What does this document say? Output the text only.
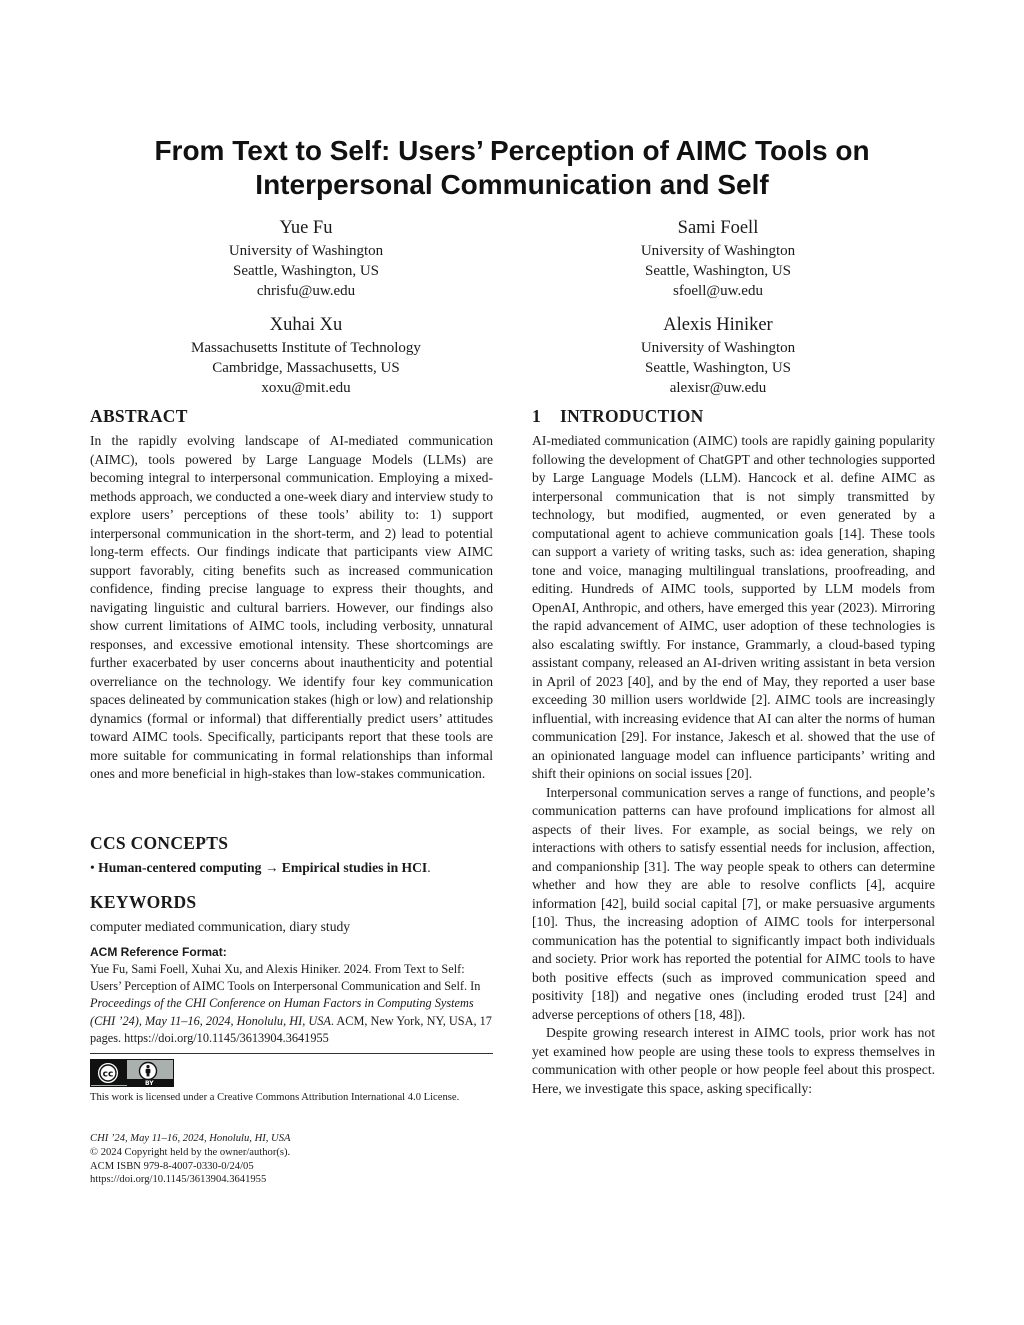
From Text to Self: Users’ Perception of AIMC Tools on
Interpersonal Communication and Self
Yue Fu
University of Washington
Seattle, Washington, US
chrisfu@uw.edu
Sami Foell
University of Washington
Seattle, Washington, US
sfoell@uw.edu
Xuhai Xu
Massachusetts Institute of Technology
Cambridge, Massachusetts, US
xoxu@mit.edu
Alexis Hiniker
University of Washington
Seattle, Washington, US
alexisr@uw.edu
ABSTRACT
In the rapidly evolving landscape of AI-mediated communication (AIMC), tools powered by Large Language Models (LLMs) are becoming integral to interpersonal communication. Employing a mixed-methods approach, we conducted a one-week diary and interview study to explore users’ perceptions of these tools’ ability to: 1) support interpersonal communication in the short-term, and 2) lead to potential long-term effects. Our findings indicate that participants view AIMC support favorably, citing benefits such as increased communication confidence, finding precise language to express their thoughts, and navigating linguistic and cultural barriers. However, our findings also show current limitations of AIMC tools, including verbosity, unnatural responses, and excessive emotional intensity. These shortcomings are further exacerbated by user concerns about inauthenticity and potential overreliance on the technology. We identify four key communication spaces delineated by communication stakes (high or low) and relationship dynamics (formal or informal) that differentially predict users’ attitudes toward AIMC tools. Specifically, participants report that these tools are more suitable for communicating in formal relationships than informal ones and more beneficial in high-stakes than low-stakes communication.
CCS CONCEPTS
• Human-centered computing → Empirical studies in HCI.
KEYWORDS
computer mediated communication, diary study
ACM Reference Format:
Yue Fu, Sami Foell, Xuhai Xu, and Alexis Hiniker. 2024. From Text to Self: Users’ Perception of AIMC Tools on Interpersonal Communication and Self. In Proceedings of the CHI Conference on Human Factors in Computing Systems (CHI ’24), May 11–16, 2024, Honolulu, HI, USA. ACM, New York, NY, USA, 17 pages. https://doi.org/10.1145/3613904.3641955
cc
BY
This work is licensed under a Creative Commons Attribution International 4.0 License.
CHI ’24, May 11–16, 2024, Honolulu, HI, USA
© 2024 Copyright held by the owner/author(s).
ACM ISBN 979-8-4007-0330-0/24/05
https://doi.org/10.1145/3613904.3641955
1 INTRODUCTION
AI-mediated communication (AIMC) tools are rapidly gaining popularity following the development of ChatGPT and other technologies supported by Large Language Models (LLM). Hancock et al. define AIMC as interpersonal communication that is not simply transmitted by technology, but modified, augmented, or even generated by a computational agent to achieve communication goals [14]. These tools can support a variety of writing tasks, such as: idea generation, shaping tone and voice, managing multilingual translations, proofreading, and editing. Hundreds of AIMC tools, supported by LLM models from OpenAI, Anthropic, and others, have emerged this year (2023). Mirroring the rapid advancement of AIMC, user adoption of these technologies is also escalating swiftly. For instance, Grammarly, a cloud-based typing assistant company, released an AI-driven writing assistant in beta version in April of 2023 [40], and by the end of May, they reported a user base exceeding 30 million users worldwide [2]. AIMC tools are increasingly influential, with increasing evidence that AI can alter the norms of human communication [29]. For instance, Jakesch et al. showed that the use of an opinionated language model can influence participants’ writing and shift their opinions on social issues [20].
Interpersonal communication serves a range of functions, and people’s communication patterns can have profound implications for almost all aspects of their lives. For example, as social beings, we rely on interactions with others to satisfy essential needs for inclusion, affection, and companionship [31]. The way people speak to others can determine whether and how they are able to resolve conflicts [4], acquire information [42], build social capital [7], or make persuasive arguments [10]. Thus, the increasing adoption of AIMC tools for interpersonal communication has the potential to significantly impact both individuals and society. Prior work has reported the potential for AIMC tools to have both positive effects (such as improved communication speed and positivity [18]) and negative ones (including eroded trust [24] and adverse perceptions of others [18, 48]).
Despite growing research interest in AIMC tools, prior work has not yet examined how people are using these tools to express themselves in communication with other people or how people feel about this prospect. Here, we investigate this space, asking specifically:
